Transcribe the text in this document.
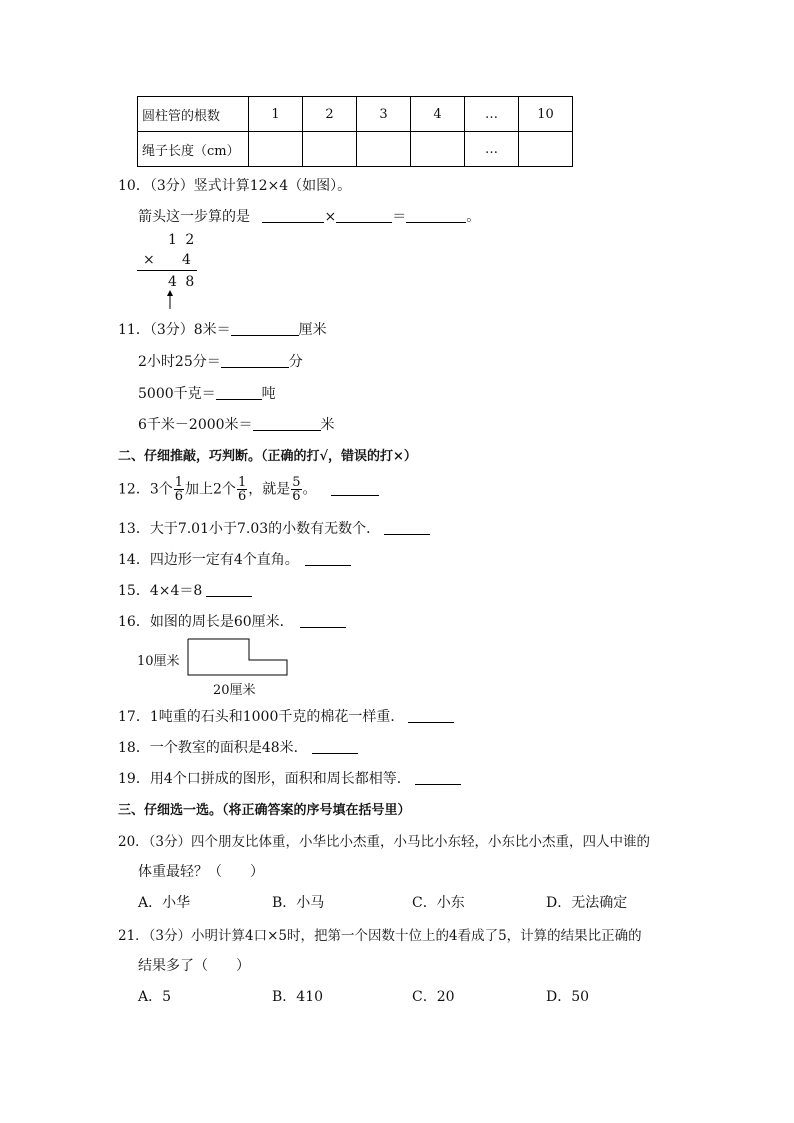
圆柱管的根数	1	2	3	4	…	10
绳子长度（cm）					…	
10．（3分）竖式计算12×4（如图）。
箭头这一步算的是	×	＝	。
1 2
× 4
4 8
11．（3分）8米＝	厘米
2小时25分＝	分
5000千克＝	吨
6千米－2000米＝	米
二、仔细推敲，巧判断。（正确的打√，错误的打×）
12．3个 $\frac{1}{6}$ 加上2个 $\frac{1}{6}$ ，就是 $\frac{5}{6}$ 。
13．大于7.01小于7.03的小数有无数个．
14．四边形一定有4个直角。
15．4×4＝8
16．如图的周长是60厘米．
10厘米
20厘米
17．1吨重的石头和1000千克的棉花一样重．
18．一个教室的面积是48米．
19．用4个口拼成的图形，面积和周长都相等．
三、仔细选一选。（将正确答案的序号填在括号里）
20．（3分）四个朋友比体重，小华比小杰重，小马比小东轻，小东比小杰重，四人中谁的
体重最轻？（　　）
A．小华	B．小马	C．小东	D．无法确定
21．（3分）小明计算4口×5时，把第一个因数十位上的4看成了5，计算的结果比正确的
结果多了（　　）
A．5	B．410	C．20	D．50
